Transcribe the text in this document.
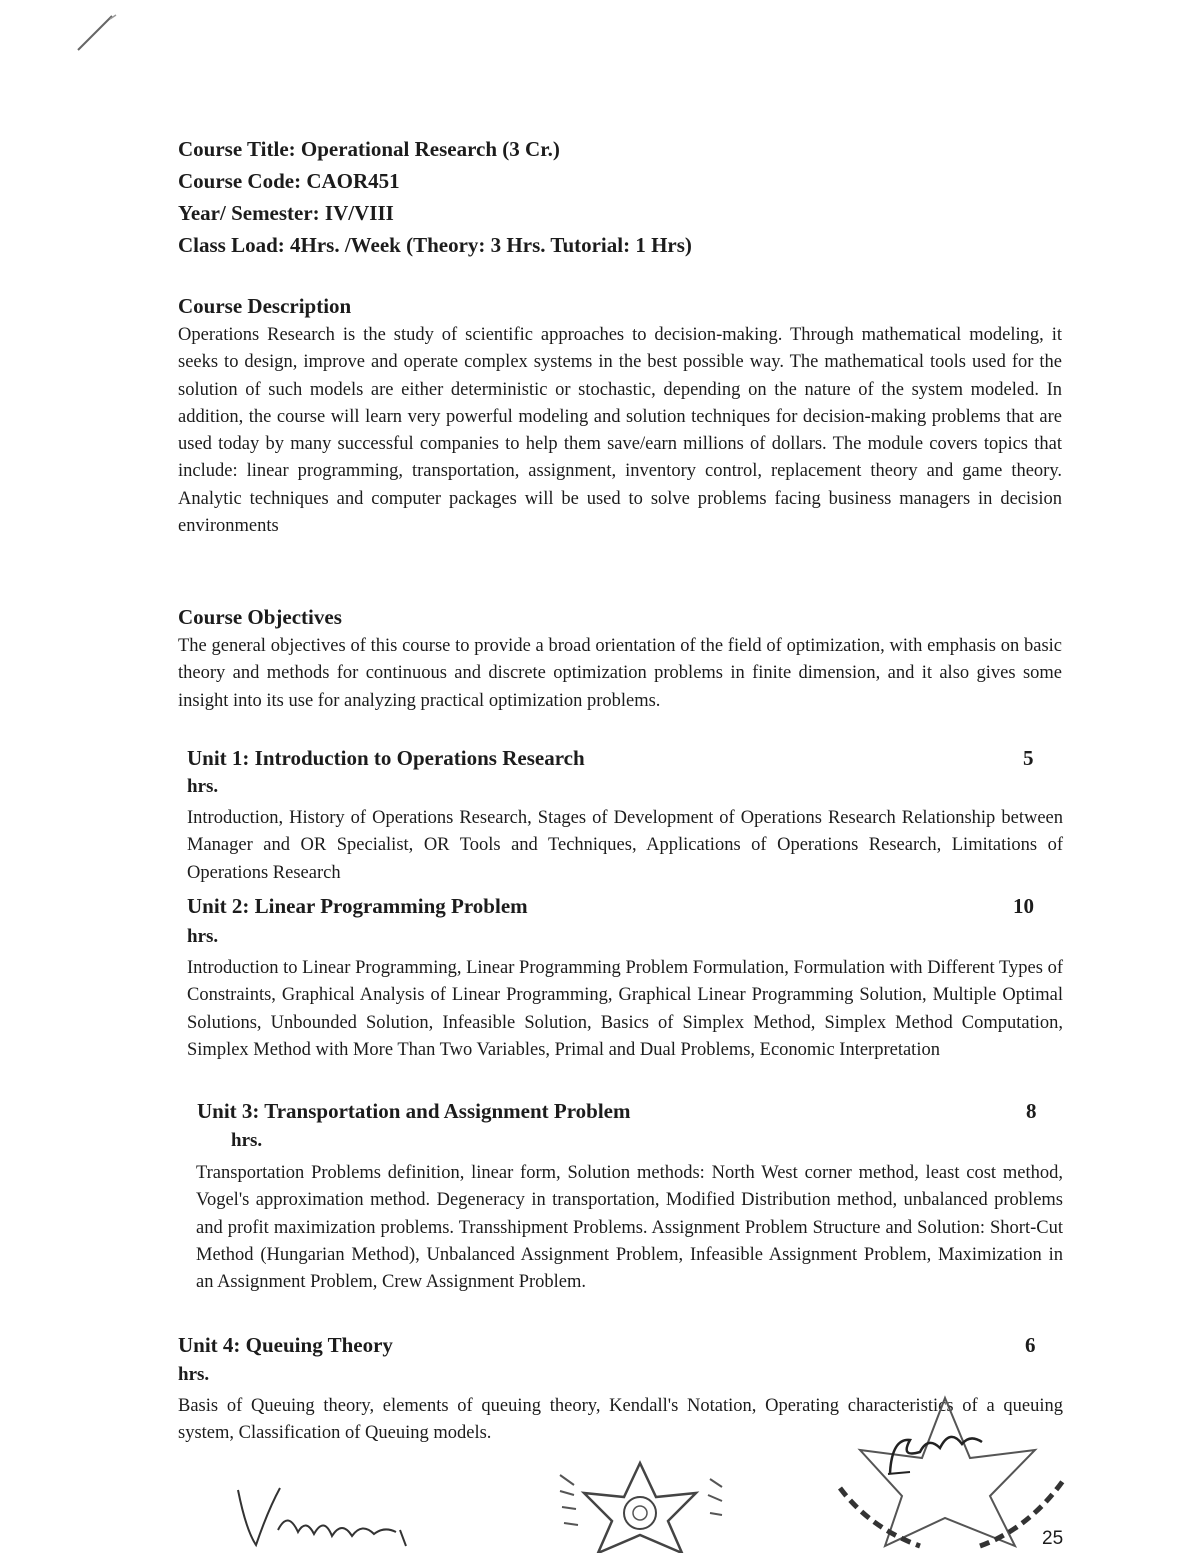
Course Title: Operational Research (3 Cr.)
Course Code: CAOR451
Year/ Semester: IV/VIII
Class Load: 4Hrs. /Week (Theory: 3 Hrs. Tutorial: 1 Hrs)
Course Description
Operations Research is the study of scientific approaches to decision-making. Through mathematical modeling, it seeks to design, improve and operate complex systems in the best possible way. The mathematical tools used for the solution of such models are either deterministic or stochastic, depending on the nature of the system modeled. In addition, the course will learn very powerful modeling and solution techniques for decision-making problems that are used today by many successful companies to help them save/earn millions of dollars. The module covers topics that include: linear programming, transportation, assignment, inventory control, replacement theory and game theory. Analytic techniques and computer packages will be used to solve problems facing business managers in decision environments
Course Objectives
The general objectives of this course to provide a broad orientation of the field of optimization, with emphasis on basic theory and methods for continuous and discrete optimization problems in finite dimension, and it also gives some insight into its use for analyzing practical optimization problems.
Unit 1: Introduction to Operations Research	5
hrs.
Introduction, History of Operations Research, Stages of Development of Operations Research Relationship between Manager and OR Specialist, OR Tools and Techniques, Applications of Operations Research, Limitations of Operations Research
Unit 2: Linear Programming Problem	10
hrs.
Introduction to Linear Programming, Linear Programming Problem Formulation, Formulation with Different Types of Constraints, Graphical Analysis of Linear Programming, Graphical Linear Programming Solution, Multiple Optimal Solutions, Unbounded Solution, Infeasible Solution, Basics of Simplex Method, Simplex Method Computation, Simplex Method with More Than Two Variables, Primal and Dual Problems, Economic Interpretation
Unit 3: Transportation and Assignment Problem	8
hrs.
Transportation Problems definition, linear form, Solution methods: North West corner method, least cost method, Vogel's approximation method. Degeneracy in transportation, Modified Distribution method, unbalanced problems and profit maximization problems. Transshipment Problems. Assignment Problem Structure and Solution: Short-Cut Method (Hungarian Method), Unbalanced Assignment Problem, Infeasible Assignment Problem, Maximization in an Assignment Problem, Crew Assignment Problem.
Unit 4: Queuing Theory	6
hrs.
Basis of Queuing theory, elements of queuing theory, Kendall's Notation, Operating characteristics of a queuing system, Classification of Queuing models.
25
